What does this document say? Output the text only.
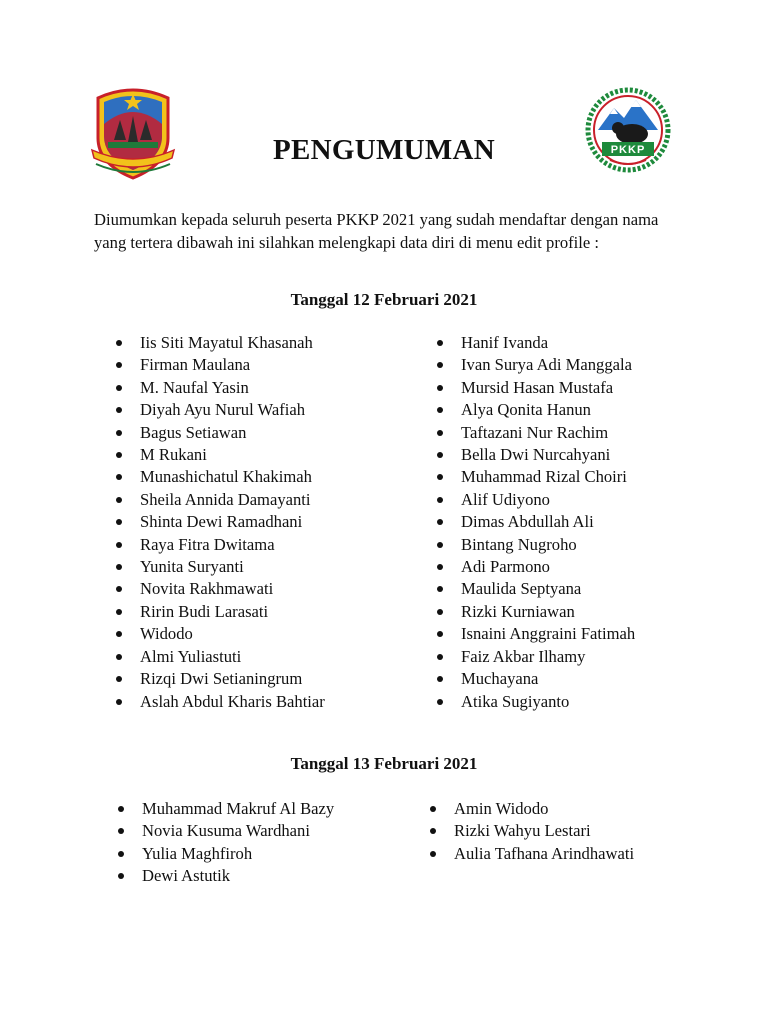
PKKP
PENGUMUMAN
Diumumkan kepada seluruh peserta PKKP 2021 yang sudah mendaftar dengan nama yang tertera dibawah ini silahkan melengkapi data diri di menu edit profile :
Tanggal 12 Februari 2021
Iis Siti Mayatul Khasanah
Firman Maulana
M. Naufal Yasin
Diyah Ayu Nurul Wafiah
Bagus Setiawan
M Rukani
Munashichatul Khakimah
Sheila Annida Damayanti
Shinta Dewi Ramadhani
Raya Fitra Dwitama
Yunita Suryanti
Novita Rakhmawati
Ririn Budi Larasati
Widodo
Almi Yuliastuti
Rizqi Dwi Setianingrum
Aslah Abdul Kharis Bahtiar
Hanif Ivanda
Ivan Surya Adi Manggala
Mursid Hasan Mustafa
Alya Qonita Hanun
Taftazani Nur Rachim
Bella Dwi Nurcahyani
Muhammad Rizal Choiri
Alif Udiyono
Dimas Abdullah Ali
Bintang Nugroho
Adi Parmono
Maulida Septyana
Rizki Kurniawan
Isnaini Anggraini Fatimah
Faiz Akbar Ilhamy
Muchayana
Atika Sugiyanto
Tanggal 13 Februari 2021
Muhammad Makruf Al Bazy
Novia Kusuma Wardhani
Yulia Maghfiroh
Dewi Astutik
Amin Widodo
Rizki Wahyu Lestari
Aulia Tafhana Arindhawati
